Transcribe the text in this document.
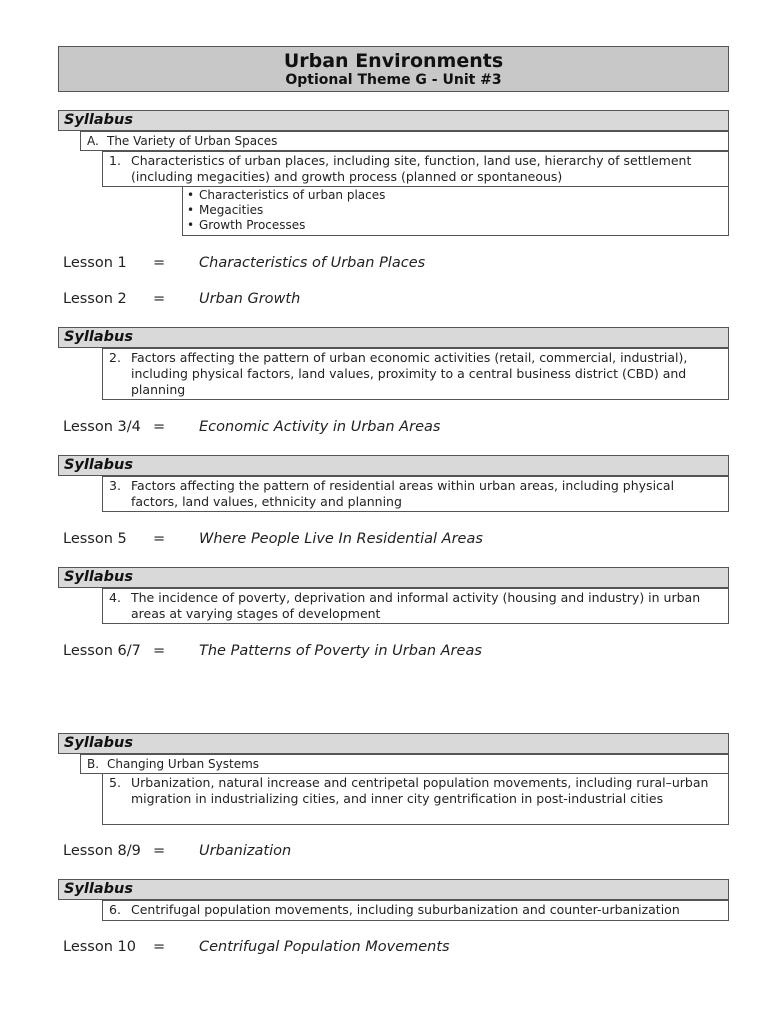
Urban Environments
Optional Theme G - Unit #3
Syllabus
A. The Variety of Urban Spaces
1. Characteristics of urban places, including site, function, land use, hierarchy of settlement (including megacities) and growth process (planned or spontaneous)
• Characteristics of urban places
• Megacities
• Growth Processes
Lesson 1 = Characteristics of Urban Places
Lesson 2 = Urban Growth
Syllabus
2. Factors affecting the pattern of urban economic activities (retail, commercial, industrial), including physical factors, land values, proximity to a central business district (CBD) and planning
Lesson 3/4 = Economic Activity in Urban Areas
Syllabus
3. Factors affecting the pattern of residential areas within urban areas, including physical factors, land values, ethnicity and planning
Lesson 5 = Where People Live In Residential Areas
Syllabus
4. The incidence of poverty, deprivation and informal activity (housing and industry) in urban areas at varying stages of development
Lesson 6/7 = The Patterns of Poverty in Urban Areas
Syllabus
B. Changing Urban Systems
5. Urbanization, natural increase and centripetal population movements, including rural–urban migration in industrializing cities, and inner city gentrification in post-industrial cities
Lesson 8/9 = Urbanization
Syllabus
6. Centrifugal population movements, including suburbanization and counter-urbanization
Lesson 10 = Centrifugal Population Movements
